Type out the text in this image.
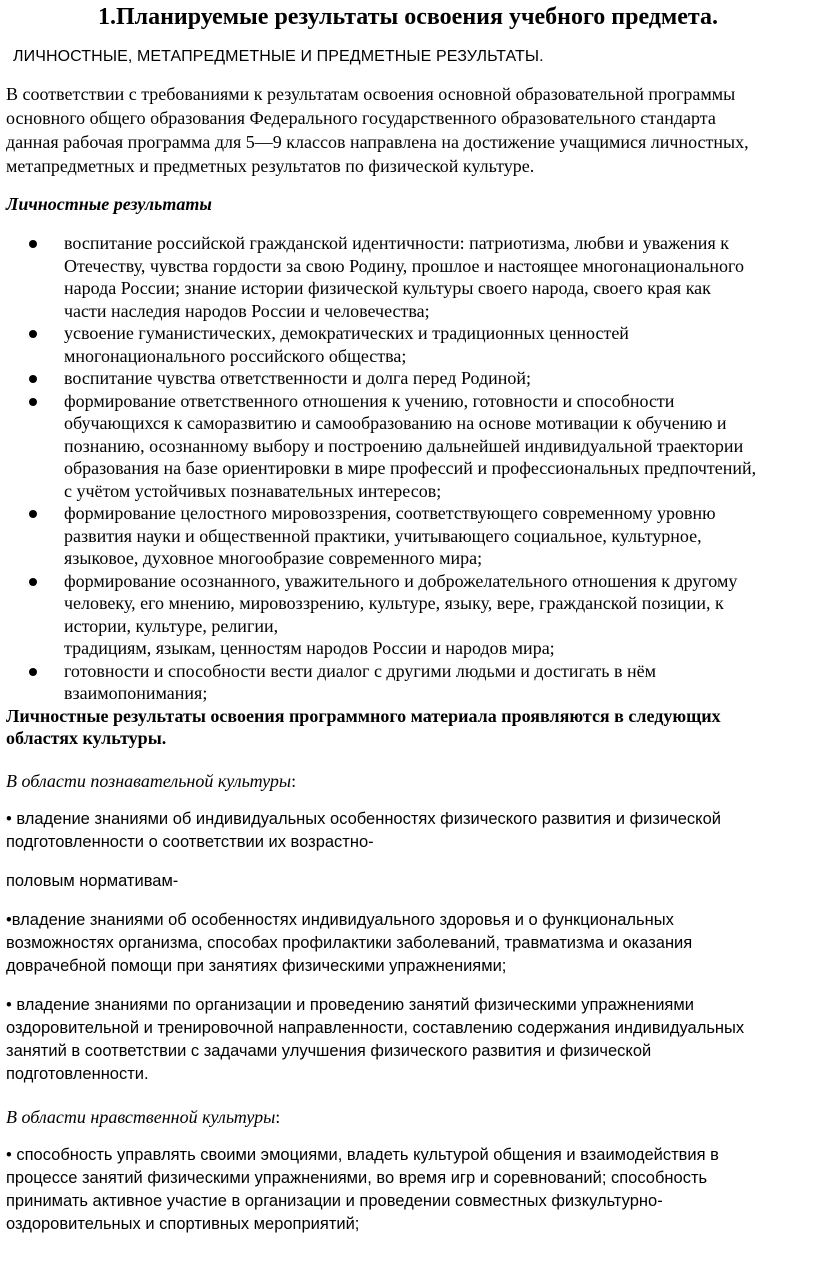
1.Планируемые результаты освоения учебного предмета.
ЛИЧНОСТНЫЕ, МЕТАПРЕДМЕТНЫЕ И ПРЕДМЕТНЫЕ РЕЗУЛЬТАТЫ.
В соответствии с требованиями к результатам освоения основной образовательной программы
основного общего образования Федерального государственного образовательного стандарта
данная рабочая программа для 5—9 классов направлена на достижение учащимися личностных,
метапредметных и предметных результатов по физической культуре.
Личностные результаты
воспитание российской гражданской идентичности: патриотизма, любви и уважения к
Отечеству, чувства гордости за свою Родину, прошлое и настоящее многонационального
народа России; знание истории физической культуры своего народа, своего края как
части наследия народов России и человечества;
усвоение гуманистических, демократических и традиционных ценностей
многонационального российского общества;
воспитание чувства ответственности и долга перед Родиной;
формирование ответственного отношения к учению, готовности и способности
обучающихся к саморазвитию и самообразованию на основе мотивации к обучению и
познанию, осознанному выбору и построению дальнейшей индивидуальной траектории
образования на базе ориентировки в мире профессий и профессиональных предпочтений,
с учётом устойчивых познавательных интересов;
формирование целостного мировоззрения, соответствующего современному уровню
развития науки и общественной практики, учитывающего социальное, культурное,
языковое, духовное многообразие современного мира;
формирование осознанного, уважительного и доброжелательного отношения к другому
человеку, его мнению, мировоззрению, культуре, языку, вере, гражданской позиции, к
истории, культуре, религии,
традициям, языкам, ценностям народов России и народов мира;
готовности и способности вести диалог с другими людьми и достигать в нём
взаимопонимания;
Личностные результаты освоения программного материала проявляются в следующих
областях культуры.
В области познавательной культуры:
• владение знаниями об индивидуальных особенностях физического развития и физической
подготовленности о соответствии их возрастно-
половым нормативам-
•владение знаниями об особенностях индивидуального здоровья и о функциональных
возможностях организма, способах профилактики заболеваний, травматизма и оказания
доврачебной помощи при занятиях физическими упражнениями;
• владение знаниями по организации и проведению занятий физическими упражнениями
оздоровительной и тренировочной направленности, составлению содержания индивидуальных
занятий в соответствии с задачами улучшения физического развития и физической
подготовленности.
В области нравственной культуры:
• способность управлять своими эмоциями, владеть культурой общения и взаимодействия в
процессе занятий физическими упражнениями, во время игр и соревнований; способность
принимать активное участие в организации и проведении совместных физкультурно-
оздоровительных и спортивных мероприятий;
